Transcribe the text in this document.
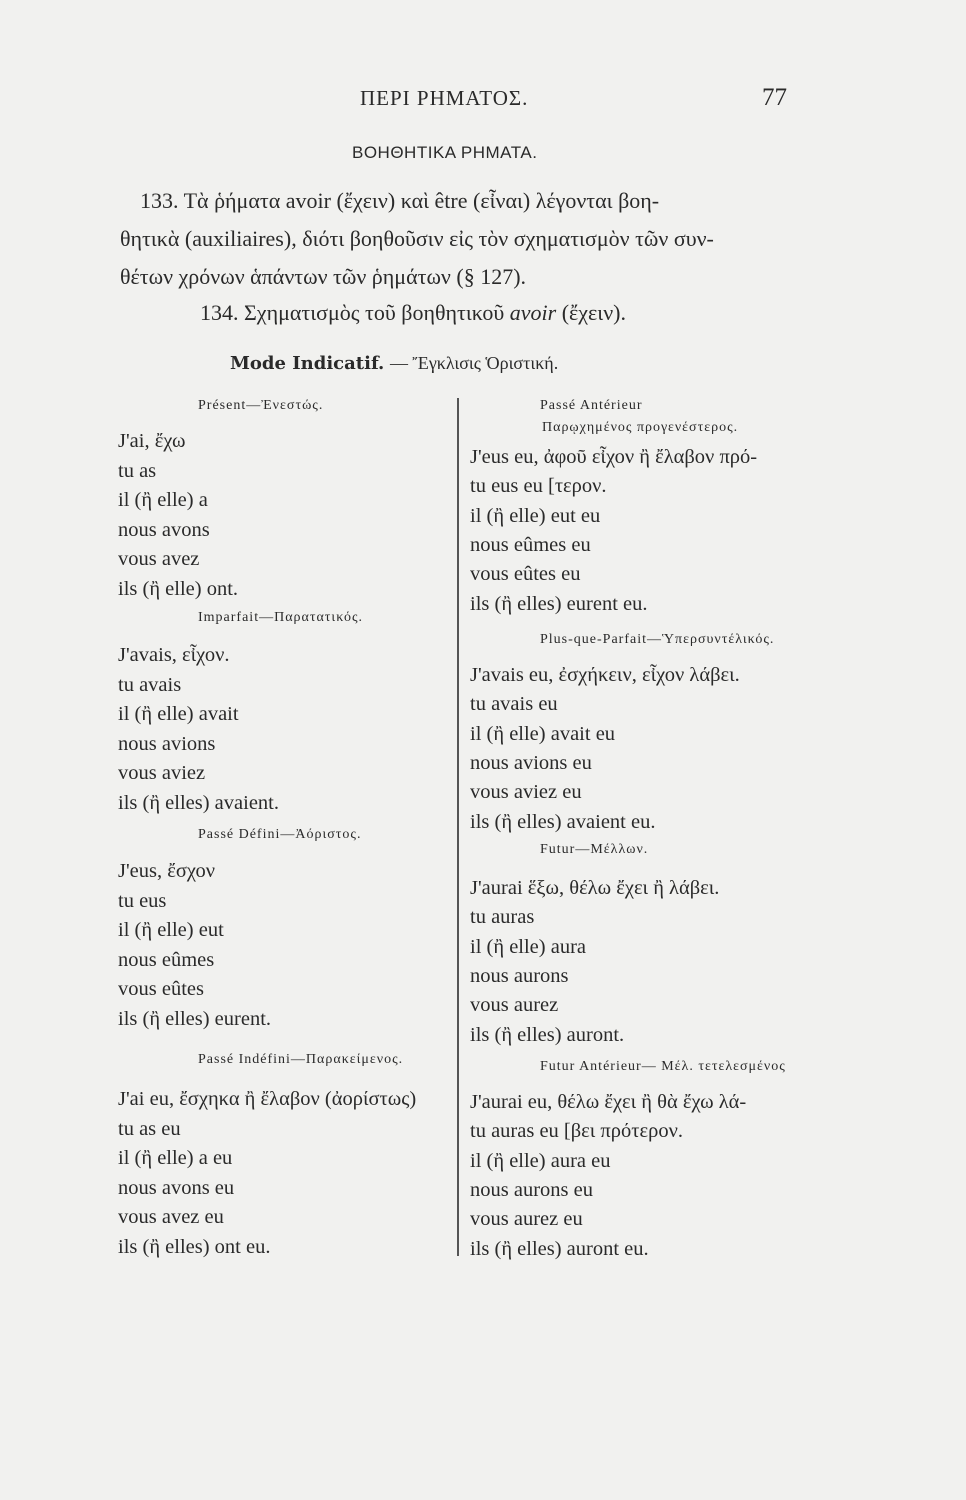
ΠΕΡΙ ΡΗΜΑΤΟΣ.	77
ΒΟΗΘΗΤΙΚΑ ΡΗΜΑΤΑ.
133. Τὰ ῥήματα avoir (ἔχειν) καὶ être (εἶναι) λέγονται βοη-
θητικὰ (auxiliaires), διότι βοηθοῦσιν εἰς τὸν σχηματισμὸν τῶν συν-
θέτων χρόνων ἁπάντων τῶν ῥημάτων (§ 127).
134. Σχηματισμὸς τοῦ βοηθητικοῦ avoir (ἔχειν).
Mode Indicatif. — Ἔγκλισις Ὁριστική.
Présent—Ἐνεστώς.
J'ai, ἔχω
tu as
il (ἢ elle) a
nous avons
vous avez
ils (ἢ elle) ont.
Imparfait—Παρατατικός.
J'avais, εἶχον.
tu avais
il (ἢ elle) avait
nous avions
vous aviez
ils (ἢ elles) avaient.
Passé Défini—Ἀόριστος.
J'eus, ἔσχον
tu eus
il (ἢ elle) eut
nous eûmes
vous eûtes
ils (ἢ elles) eurent.
Passé Indéfini—Παρακείμενος.
J'ai eu, ἔσχηκα ἢ ἔλαβον (ἀορίστως)
tu as eu
il (ἢ elle) a eu
nous avons eu
vous avez eu
ils (ἢ elles) ont eu.
Passé Antérieur
Παρῳχημένος προγενέστερος.
J'eus eu, ἀφοῦ εἶχον ἢ ἔλαβον πρό-
tu eus eu [τερον.
il (ἢ elle) eut eu
nous eûmes eu
vous eûtes eu
ils (ἢ elles) eurent eu.
Plus-que-Parfait—Ὑπερσυντέλικός.
J'avais eu, ἐσχήκειν, εἶχον λάβει.
tu avais eu
il (ἢ elle) avait eu
nous avions eu
vous aviez eu
ils (ἢ elles) avaient eu.
Futur—Μέλλων.
J'aurai ἕξω, θέλω ἔχει ἢ λάβει.
tu auras
il (ἢ elle) aura
nous aurons
vous aurez
ils (ἢ elles) auront.
Futur Antérieur— Μέλ. τετελεσμένος
J'aurai eu, θέλω ἔχει ἢ θὰ ἔχω λά-
tu auras eu [βει πρότερον.
il (ἢ elle) aura eu
nous aurons eu
vous aurez eu
ils (ἢ elles) auront eu.
